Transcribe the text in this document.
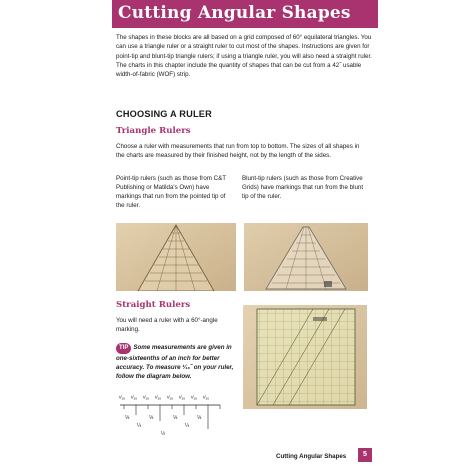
Cutting Angular Shapes
The shapes in these blocks are all based on a grid composed of 60° equilateral triangles. You can use a triangle ruler or a straight ruler to cut most of the shapes. Instructions are given for point-tip and blunt-tip triangle rulers; if using a triangle ruler, you will also need a straight ruler. The charts in this chapter include the quantity of shapes that can be cut from a 42˝ usable width-of-fabric (WOF) strip.
CHOOSING A RULER
Triangle Rulers
Choose a ruler with measurements that run from top to bottom. The sizes of all shapes in the charts are measured by their finished height, not by the length of the sides.
Point-tip rulers (such as those from C&T Publishing or Matilda's Own) have markings that run from the pointed tip of the ruler.
Blunt-tip rulers (such as those from Creative Grids) have markings that run from the blunt tip of the ruler.
Straight Rulers
You will need a ruler with a 60°-angle marking.
TIP Some measurements are given in one-sixteenths of an inch for better accuracy. To measure ¹⁄₁₆˝ on your ruler, follow the diagram below.
¹⁄₁₆ ¹⁄₁₆ ¹⁄₁₆ ¹⁄₁₆ ¹⁄₁₆ ¹⁄₁₆ ¹⁄₁₆ ¹⁄₁₆
⅛	⅛	⅛	⅛
¼	¼
½
Cutting Angular Shapes	5
